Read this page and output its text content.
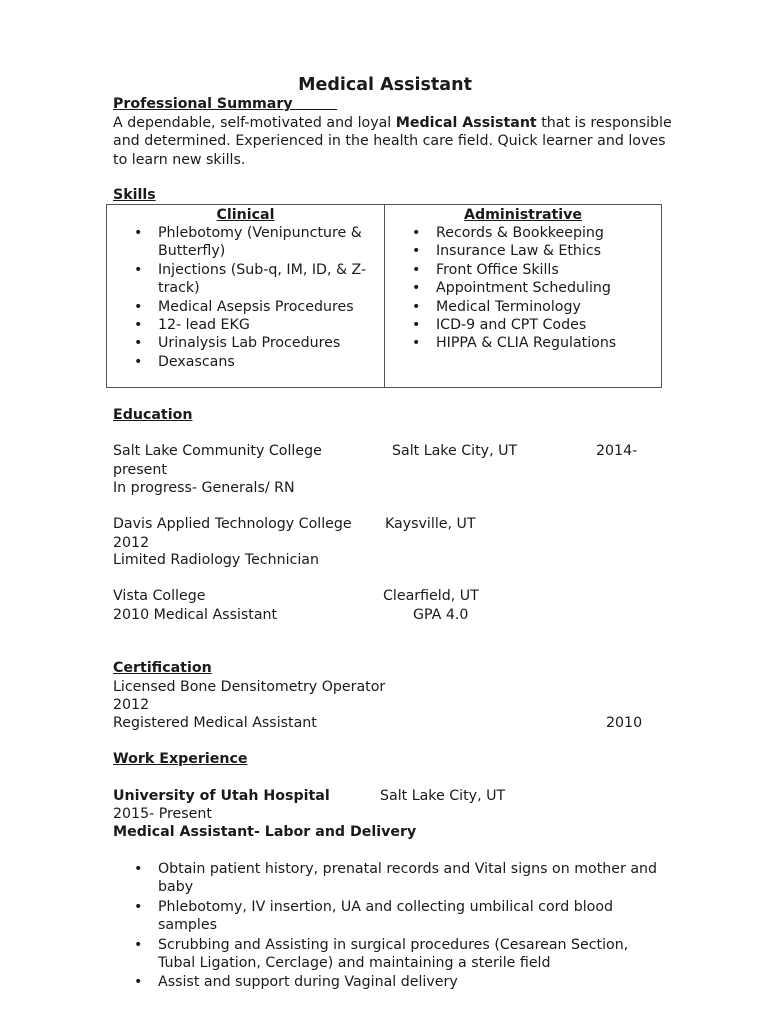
Medical Assistant
Professional Summary
A dependable, self-motivated and loyal Medical Assistant that is responsible and determined. Experienced in the health care field. Quick learner and loves to learn new skills.
Skills
Clinical
• Phlebotomy (Venipuncture & Butterfly)
• Injections (Sub-q, IM, ID, & Z-track)
• Medical Asepsis Procedures
• 12- lead EKG
• Urinalysis Lab Procedures
• Dexascans
Administrative
• Records & Bookkeeping
• Insurance Law & Ethics
• Front Office Skills
• Appointment Scheduling
• Medical Terminology
• ICD-9 and CPT Codes
• HIPPA & CLIA Regulations
Education
Salt Lake Community College	Salt Lake City, UT	2014-
present
In progress- Generals/ RN
Davis Applied Technology College Kaysville, UT
2012
Limited Radiology Technician
Vista College	Clearfield, UT
2010 Medical Assistant	GPA 4.0
Certification
Licensed Bone Densitometry Operator
2012
Registered Medical Assistant	2010
Work Experience
University of Utah Hospital	Salt Lake City, UT
2015- Present
Medical Assistant- Labor and Delivery
• Obtain patient history, prenatal records and Vital signs on mother and baby
• Phlebotomy, IV insertion, UA and collecting umbilical cord blood samples
• Scrubbing and Assisting in surgical procedures (Cesarean Section, Tubal Ligation, Cerclage) and maintaining a sterile field
• Assist and support during Vaginal delivery
